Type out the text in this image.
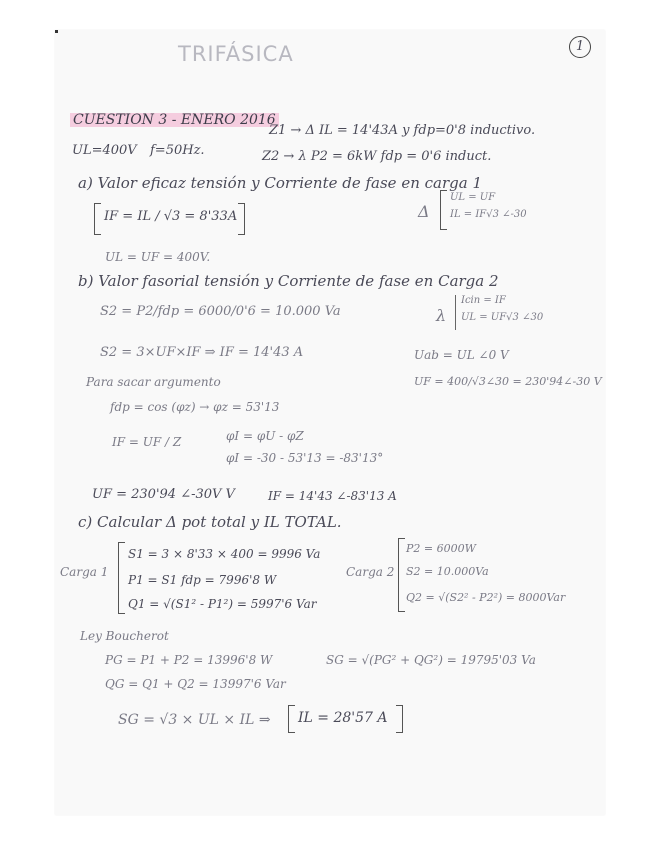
TRIFÁSICA	1
CUESTION 3 - ENERO 2016
Z1 → Δ IL = 14'43A y fdp=0'8 inductivo.
UL=400V f=50Hz.	Z2 → λ P2 = 6kW fdp = 0'6 induct.
a) Valor eficaz tensión y Corriente de fase en carga 1
IF = IL / √3 = 8'33A	Δ
UL = UF
IL = IF√3 ∠-30
UL = UF = 400V.
b) Valor fasorial tensión y Corriente de fase en Carga 2
S2 = P2/fdp = 6000/0'6 = 10.000 Va	λ
Icin = IF
UL = UF√3 ∠30
S2 = 3×UF×IF ⇒ IF = 14'43 A	Uab = UL ∠0 V
Para sacar argumento	UF = 400/√3∠30 = 230'94∠-30 V
fdp = cos (φz) → φz = 53'13
IF = UF / Z	φI = φU - φZ
φI = -30 - 53'13 = -83'13°
UF = 230'94 ∠-30V V	IF = 14'43 ∠-83'13 A
c) Calcular Δ pot total y IL TOTAL.
Carga 1
S1 = 3 × 8'33 × 400 = 9996 Va
P1 = S1 fdp = 7996'8 W
Q1 = √(S1² - P1²) = 5997'6 Var
Carga 2
P2 = 6000W
S2 = 10.000Va
Q2 = √(S2² - P2²) = 8000Var
Ley Boucherot
PG = P1 + P2 = 13996'8 W	SG = √(PG² + QG²) = 19795'03 Va
QG = Q1 + Q2 = 13997'6 Var
SG = √3 × UL × IL ⇒ IL = 28'57 A
